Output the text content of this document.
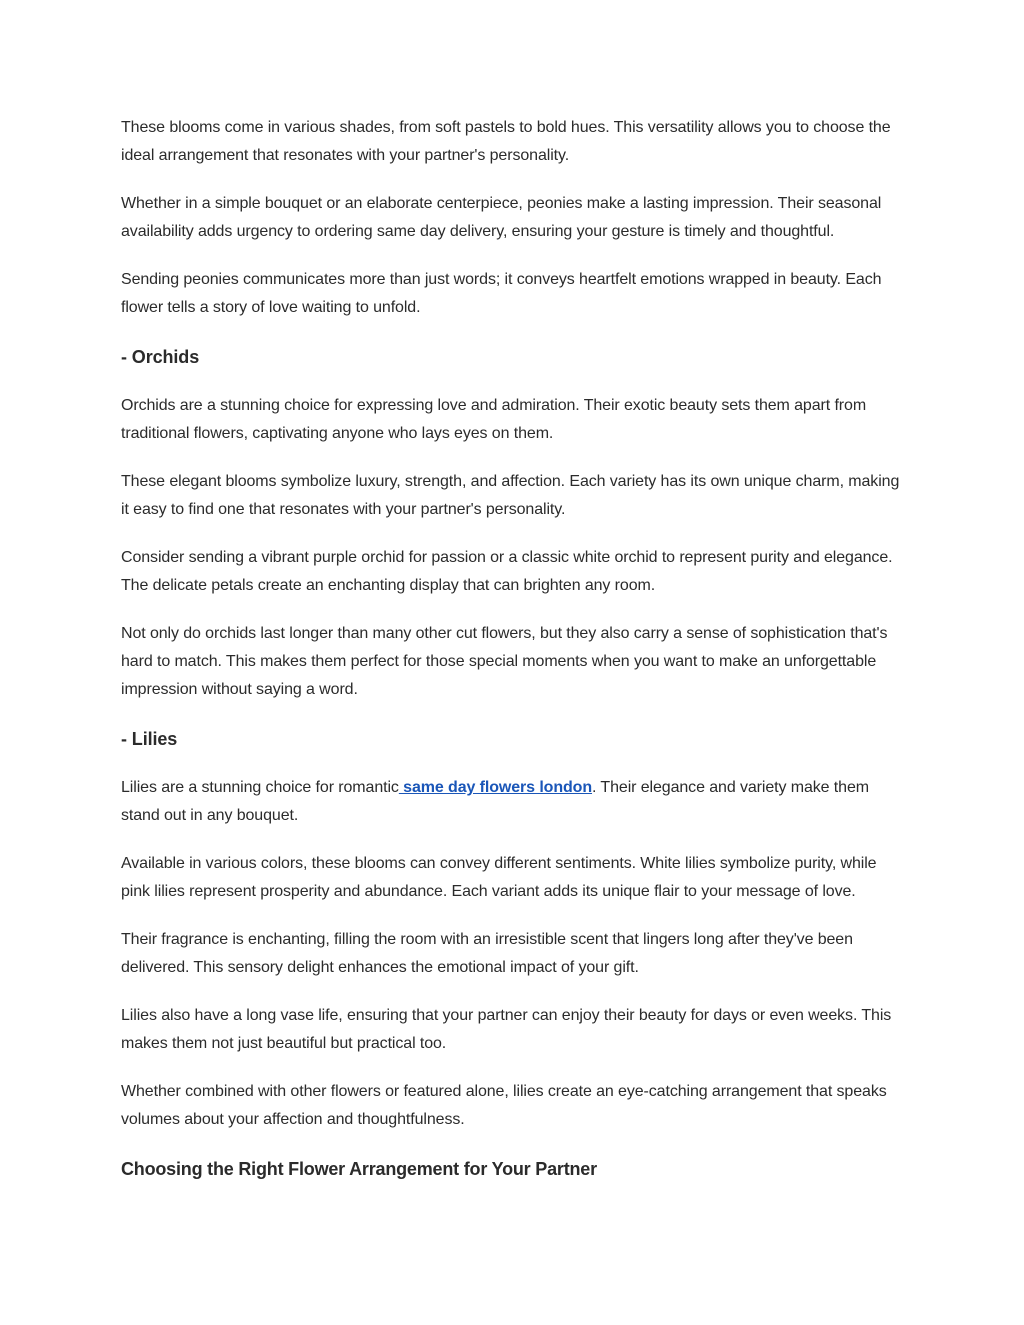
These blooms come in various shades, from soft pastels to bold hues. This versatility allows you to choose the ideal arrangement that resonates with your partner's personality.

Whether in a simple bouquet or an elaborate centerpiece, peonies make a lasting impression. Their seasonal availability adds urgency to ordering same day delivery, ensuring your gesture is timely and thoughtful.

Sending peonies communicates more than just words; it conveys heartfelt emotions wrapped in beauty. Each flower tells a story of love waiting to unfold.

- Orchids

Orchids are a stunning choice for expressing love and admiration. Their exotic beauty sets them apart from traditional flowers, captivating anyone who lays eyes on them.

These elegant blooms symbolize luxury, strength, and affection. Each variety has its own unique charm, making it easy to find one that resonates with your partner's personality.

Consider sending a vibrant purple orchid for passion or a classic white orchid to represent purity and elegance. The delicate petals create an enchanting display that can brighten any room.

Not only do orchids last longer than many other cut flowers, but they also carry a sense of sophistication that's hard to match. This makes them perfect for those special moments when you want to make an unforgettable impression without saying a word.

- Lilies

Lilies are a stunning choice for romantic same day flowers london. Their elegance and variety make them stand out in any bouquet.

Available in various colors, these blooms can convey different sentiments. White lilies symbolize purity, while pink lilies represent prosperity and abundance. Each variant adds its unique flair to your message of love.

Their fragrance is enchanting, filling the room with an irresistible scent that lingers long after they've been delivered. This sensory delight enhances the emotional impact of your gift.

Lilies also have a long vase life, ensuring that your partner can enjoy their beauty for days or even weeks. This makes them not just beautiful but practical too.

Whether combined with other flowers or featured alone, lilies create an eye-catching arrangement that speaks volumes about your affection and thoughtfulness.

Choosing the Right Flower Arrangement for Your Partner
